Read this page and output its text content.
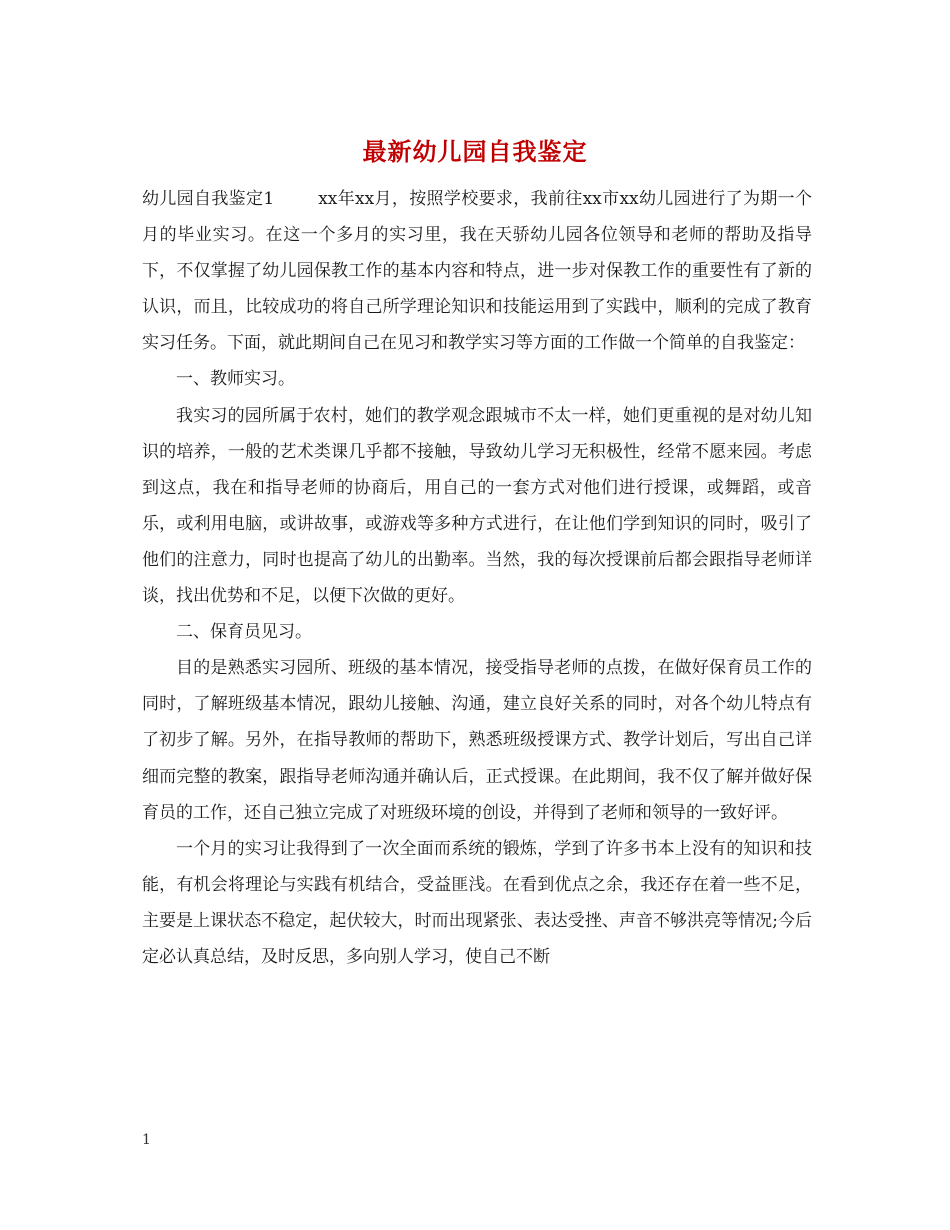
最新幼儿园自我鉴定

幼儿园自我鉴定1	xx年xx月，按照学校要求，我前往xx市xx幼儿园进行了为期一个月的毕业实习。在这一个多月的实习里，我在天骄幼儿园各位领导和老师的帮助及指导下，不仅掌握了幼儿园保教工作的基本内容和特点，进一步对保教工作的重要性有了新的认识，而且，比较成功的将自己所学理论知识和技能运用到了实践中，顺利的完成了教育实习任务。下面，就此期间自己在见习和教学实习等方面的工作做一个简单的自我鉴定：

一、教师实习。

我实习的园所属于农村，她们的教学观念跟城市不太一样，她们更重视的是对幼儿知识的培养，一般的艺术类课几乎都不接触，导致幼儿学习无积极性，经常不愿来园。考虑到这点，我在和指导老师的协商后，用自己的一套方式对他们进行授课，或舞蹈，或音乐，或利用电脑，或讲故事，或游戏等多种方式进行，在让他们学到知识的同时，吸引了他们的注意力，同时也提高了幼儿的出勤率。当然，我的每次授课前后都会跟指导老师详谈，找出优势和不足，以便下次做的更好。

二、保育员见习。

目的是熟悉实习园所、班级的基本情况，接受指导老师的点拨，在做好保育员工作的同时，了解班级基本情况，跟幼儿接触、沟通，建立良好关系的同时，对各个幼儿特点有了初步了解。另外，在指导教师的帮助下，熟悉班级授课方式、教学计划后，写出自己详细而完整的教案，跟指导老师沟通并确认后，正式授课。在此期间，我不仅了解并做好保育员的工作，还自己独立完成了对班级环境的创设，并得到了老师和领导的一致好评。

一个月的实习让我得到了一次全面而系统的锻炼，学到了许多书本上没有的知识和技能，有机会将理论与实践有机结合，受益匪浅。在看到优点之余，我还存在着一些不足，主要是上课状态不稳定，起伏较大，时而出现紧张、表达受挫、声音不够洪亮等情况;今后定必认真总结，及时反思，多向别人学习，使自己不断

1
